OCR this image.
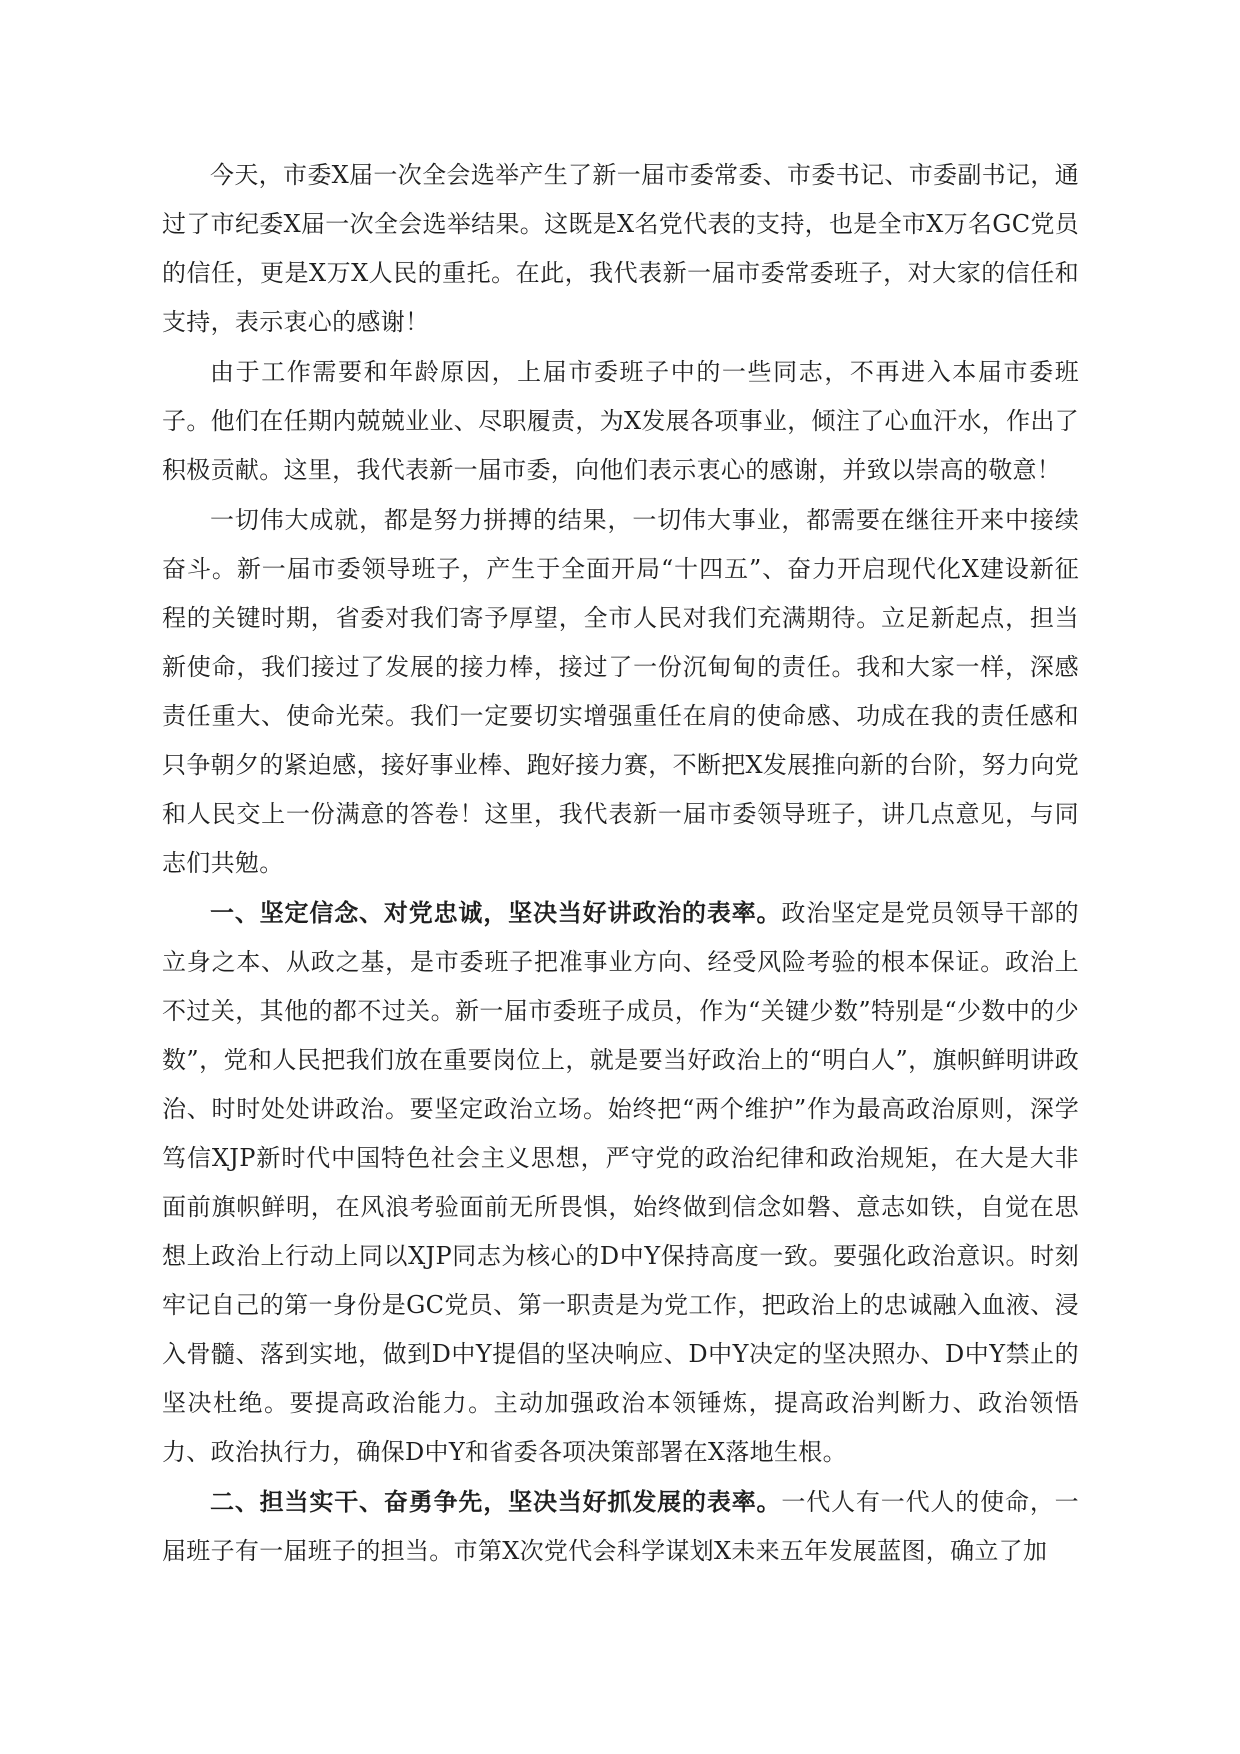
今天，市委X届一次全会选举产生了新一届市委常委、市委书记、市委副书记，通过了市纪委X届一次全会选举结果。这既是X名党代表的支持，也是全市X万名GC党员的信任，更是X万X人民的重托。在此，我代表新一届市委常委班子，对大家的信任和支持，表示衷心的感谢！

由于工作需要和年龄原因，上届市委班子中的一些同志，不再进入本届市委班子。他们在任期内兢兢业业、尽职履责，为X发展各项事业，倾注了心血汗水，作出了积极贡献。这里，我代表新一届市委，向他们表示衷心的感谢，并致以崇高的敬意！

一切伟大成就，都是努力拼搏的结果，一切伟大事业，都需要在继往开来中接续奋斗。新一届市委领导班子，产生于全面开局“十四五”、奋力开启现代化X建设新征程的关键时期，省委对我们寄予厚望，全市人民对我们充满期待。立足新起点，担当新使命，我们接过了发展的接力棒，接过了一份沉甸甸的责任。我和大家一样，深感责任重大、使命光荣。我们一定要切实增强重任在肩的使命感、功成在我的责任感和只争朝夕的紧迫感，接好事业棒、跑好接力赛，不断把X发展推向新的台阶，努力向党和人民交上一份满意的答卷！这里，我代表新一届市委领导班子，讲几点意见，与同志们共勉。

一、坚定信念、对党忠诚，坚决当好讲政治的表率。政治坚定是党员领导干部的立身之本、从政之基，是市委班子把准事业方向、经受风险考验的根本保证。政治上不过关，其他的都不过关。新一届市委班子成员，作为“关键少数”特别是“少数中的少数”，党和人民把我们放在重要岗位上，就是要当好政治上的“明白人”，旗帜鲜明讲政治、时时处处讲政治。要坚定政治立场。始终把“两个维护”作为最高政治原则，深学笃信XJP新时代中国特色社会主义思想，严守党的政治纪律和政治规矩，在大是大非面前旗帜鲜明，在风浪考验面前无所畏惧，始终做到信念如磐、意志如铁，自觉在思想上政治上行动上同以XJP同志为核心的D中Y保持高度一致。要强化政治意识。时刻牢记自己的第一身份是GC党员、第一职责是为党工作，把政治上的忠诚融入血液、浸入骨髓、落到实地，做到D中Y提倡的坚决响应、D中Y决定的坚决照办、D中Y禁止的坚决杜绝。要提高政治能力。主动加强政治本领锤炼，提高政治判断力、政治领悟力、政治执行力，确保D中Y和省委各项决策部署在X落地生根。

二、担当实干、奋勇争先，坚决当好抓发展的表率。一代人有一代人的使命，一届班子有一届班子的担当。市第X次党代会科学谋划X未来五年发展蓝图，确立了加
